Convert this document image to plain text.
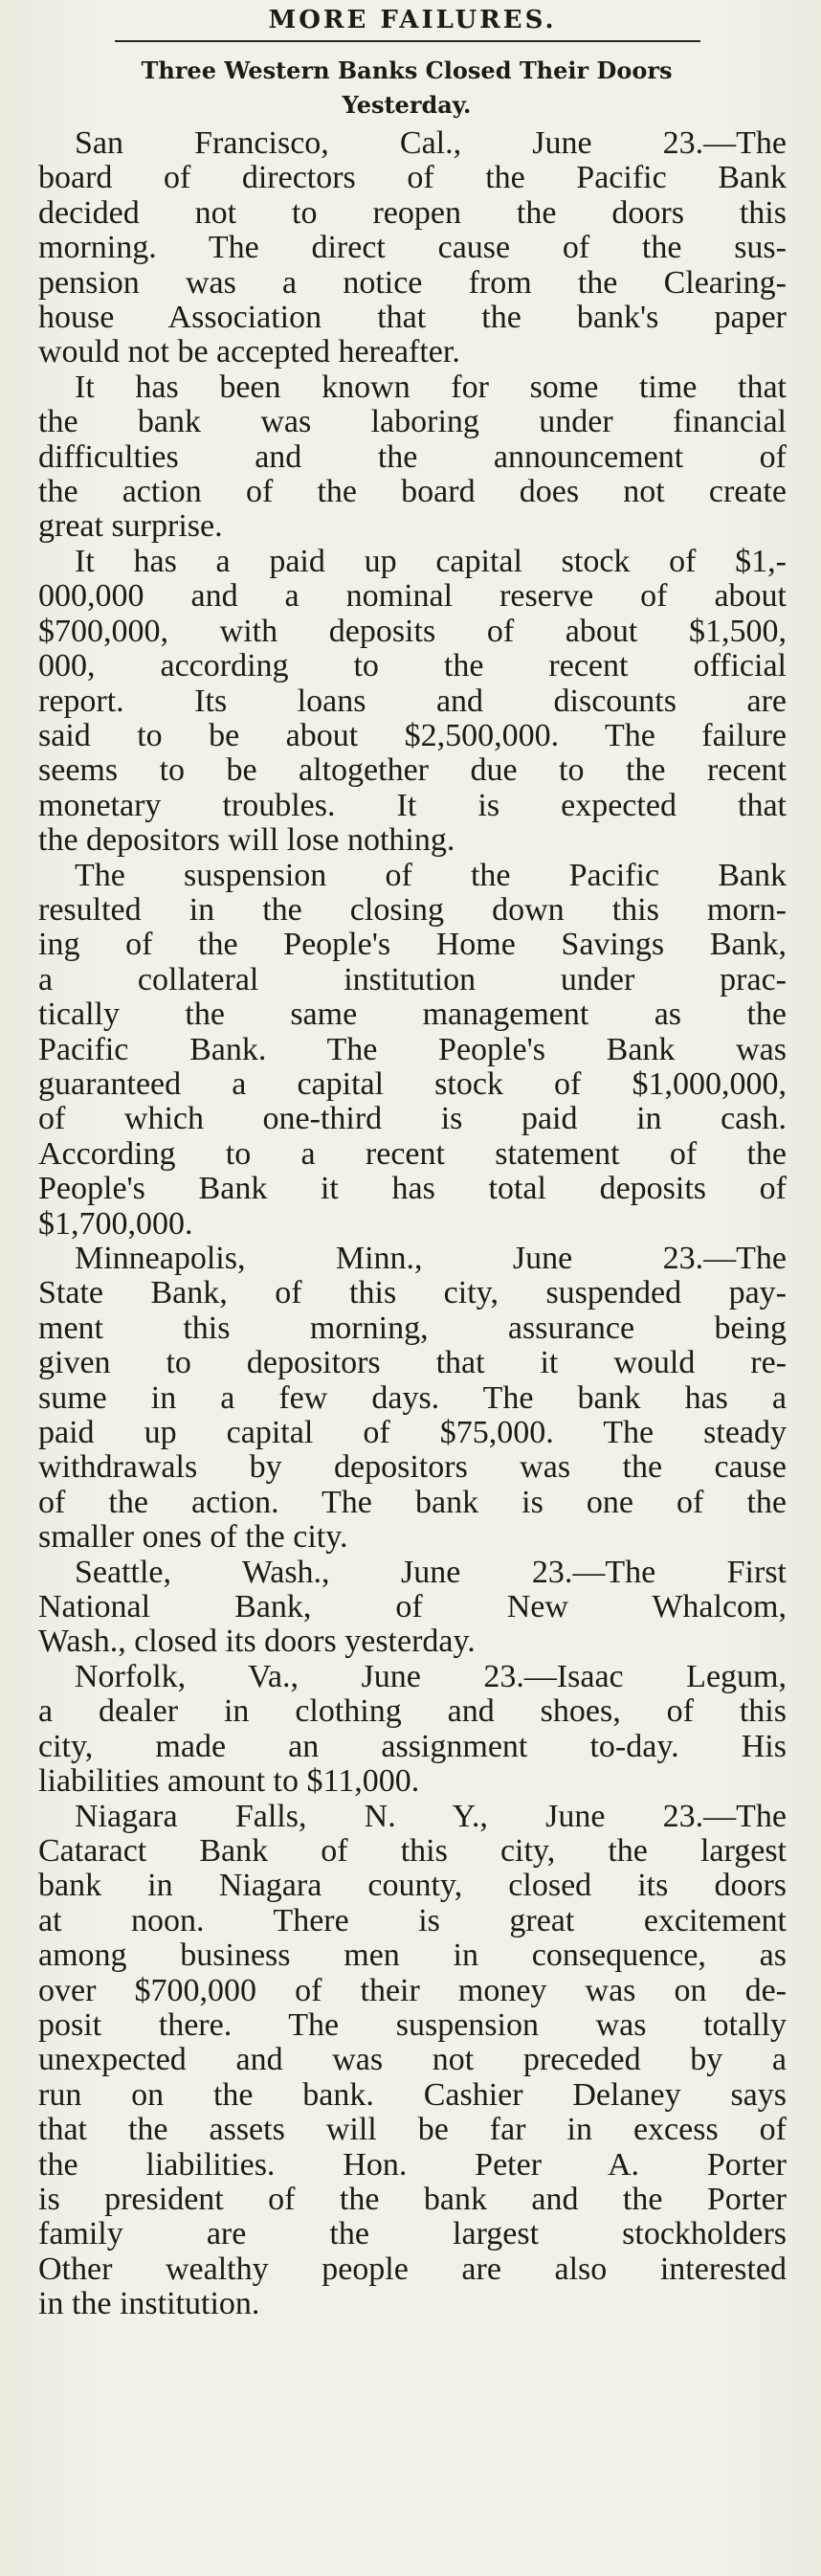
MORE FAILURES.
Three Western Banks Closed Their Doors
Yesterday.

San Francisco, Cal., June 23.—The
board of directors of the Pacific Bank
decided not to reopen the doors this
morning. The direct cause of the sus-
pension was a notice from the Clearing-
house Association that the bank's paper
would not be accepted hereafter.

It has been known for some time that
the bank was laboring under financial
difficulties and the announcement of
the action of the board does not create
great surprise.

It has a paid up capital stock of $1,-
000,000 and a nominal reserve of about
$700,000, with deposits of about $1,500,
000, according to the recent official
report. Its loans and discounts are
said to be about $2,500,000. The failure
seems to be altogether due to the recent
monetary troubles. It is expected that
the depositors will lose nothing.

The suspension of the Pacific Bank
resulted in the closing down this morn-
ing of the People's Home Savings Bank,
a collateral institution under prac-
tically the same management as the
Pacific Bank. The People's Bank was
guaranteed a capital stock of $1,000,000,
of which one-third is paid in cash.
According to a recent statement of the
People's Bank it has total deposits of
$1,700,000.

Minneapolis, Minn., June 23.—The
State Bank, of this city, suspended pay-
ment this morning, assurance being
given to depositors that it would re-
sume in a few days. The bank has a
paid up capital of $75,000. The steady
withdrawals by depositors was the cause
of the action. The bank is one of the
smaller ones of the city.

Seattle, Wash., June 23.—The First
National Bank, of New Whalcom,
Wash., closed its doors yesterday.

Norfolk, Va., June 23.—Isaac Legum,
a dealer in clothing and shoes, of this
city, made an assignment to-day. His
liabilities amount to $11,000.

Niagara Falls, N. Y., June 23.—The
Cataract Bank of this city, the largest
bank in Niagara county, closed its doors
at noon. There is great excitement
among business men in consequence, as
over $700,000 of their money was on de-
posit there. The suspension was totally
unexpected and was not preceded by a
run on the bank. Cashier Delaney says
that the assets will be far in excess of
the liabilities. Hon. Peter A. Porter
is president of the bank and the Porter
family are the largest stockholders
Other wealthy people are also interested
in the institution.
